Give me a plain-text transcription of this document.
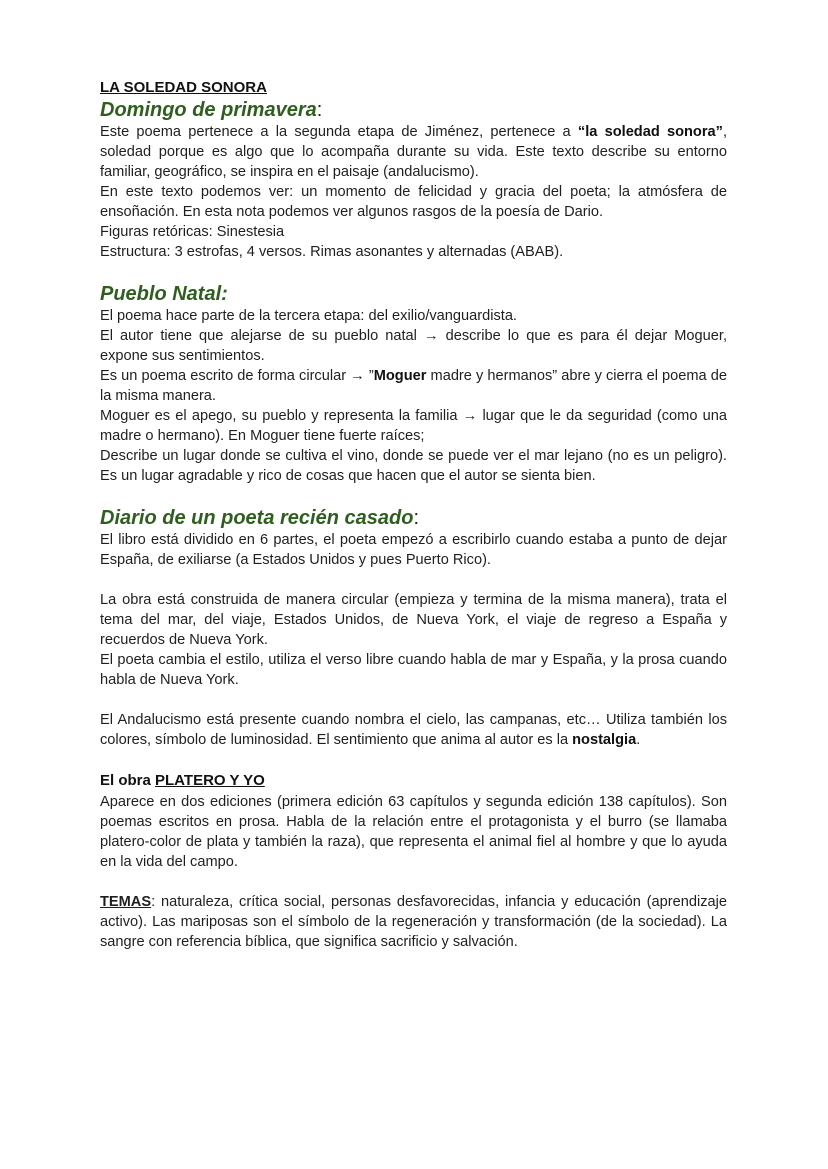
LA SOLEDAD SONORA
Domingo de primavera:

Este poema pertenece a la segunda etapa de Jiménez, pertenece a “la soledad sonora”, soledad porque es algo que lo acompaña durante su vida. Este texto describe su entorno familiar, geográfico, se inspira en el paisaje (andalucismo).

En este texto podemos ver: un momento de felicidad y gracia del poeta; la atmósfera de ensoñación. En esta nota podemos ver algunos rasgos de la poesía de Dario.

Figuras retóricas: Sinestesia

Estructura: 3 estrofas, 4 versos. Rimas asonantes y alternadas (ABAB).

Pueblo Natal:

El poema hace parte de la tercera etapa: del exilio/vanguardista.

El autor tiene que alejarse de su pueblo natal → describe lo que es para él dejar Moguer, expone sus sentimientos.

Es un poema escrito de forma circular → ”Moguer madre y hermanos” abre y cierra el poema de la misma manera.

Moguer es el apego, su pueblo y representa la familia → lugar que le da seguridad (como una madre o hermano). En Moguer tiene fuerte raíces;

Describe un lugar donde se cultiva el vino, donde se puede ver el mar lejano (no es un peligro). Es un lugar agradable y rico de cosas que hacen que el autor se sienta bien.

Diario de un poeta recién casado:

El libro está dividido en 6 partes, el poeta empezó a escribirlo cuando estaba a punto de dejar España, de exiliarse (a Estados Unidos y pues Puerto Rico).

La obra está construida de manera circular (empieza y termina de la misma manera), trata el tema del mar, del viaje, Estados Unidos, de Nueva York, el viaje de regreso a España y recuerdos de Nueva York.

El poeta cambia el estilo, utiliza el verso libre cuando habla de mar y España, y la prosa cuando habla de Nueva York.

El Andalucismo está presente cuando nombra el cielo, las campanas, etc… Utiliza también los colores, símbolo de luminosidad. El sentimiento que anima al autor es la nostalgia.

El obra PLATERO Y YO

Aparece en dos ediciones (primera edición 63 capítulos y segunda edición 138 capítulos). Son poemas escritos en prosa. Habla de la relación entre el protagonista y el burro (se llamaba platero-color de plata y también la raza), que representa el animal fiel al hombre y que lo ayuda en la vida del campo.

TEMAS: naturaleza, crítica social, personas desfavorecidas, infancia y educación (aprendizaje activo). Las mariposas son el símbolo de la regeneración y transformación (de la sociedad). La sangre con referencia bíblica, que significa sacrificio y salvación.
